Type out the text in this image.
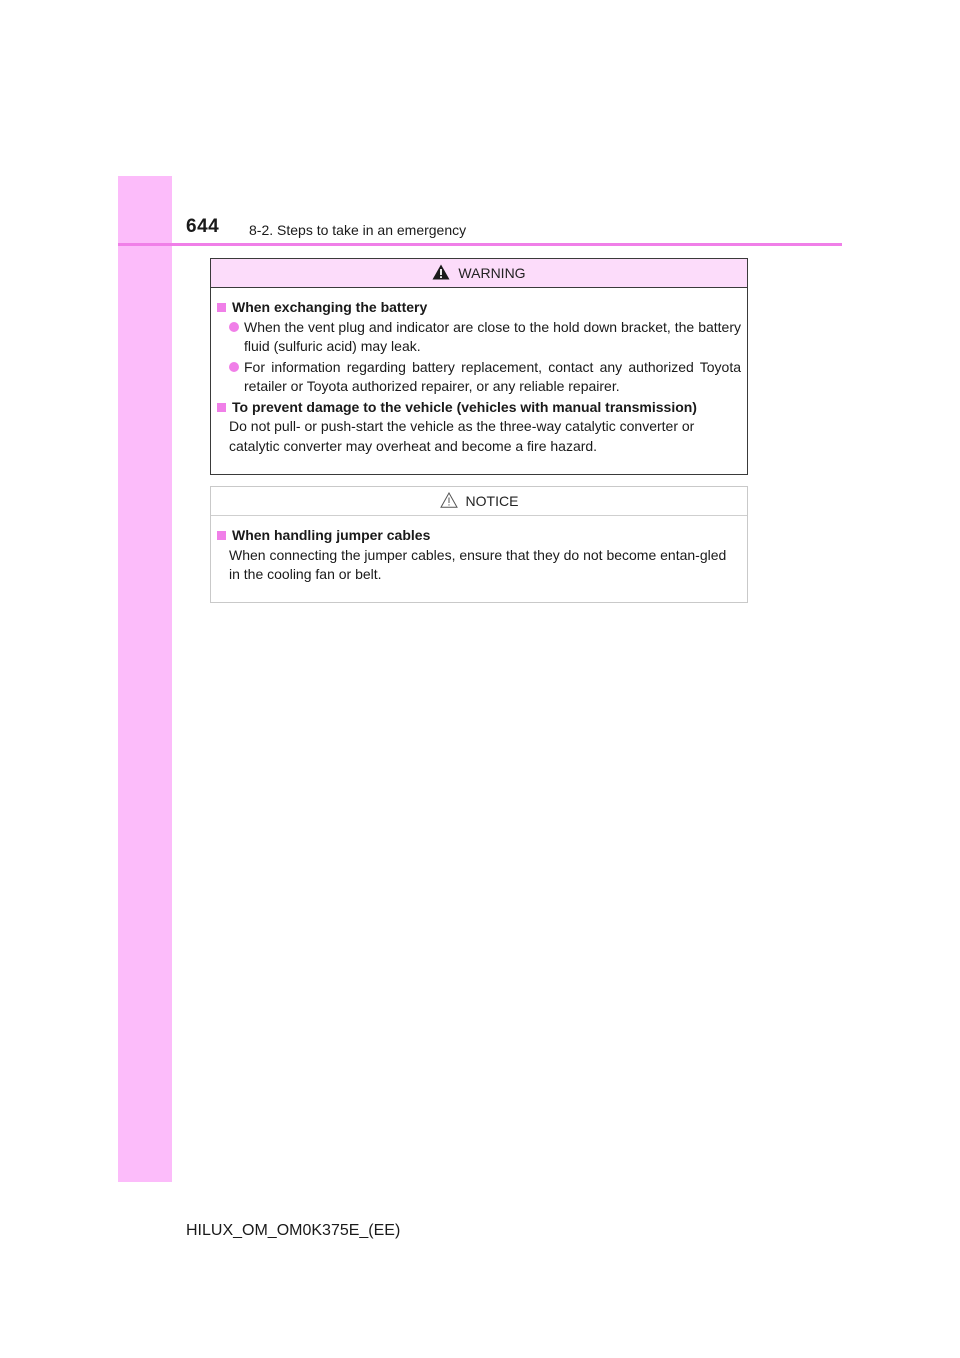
644 8-2. Steps to take in an emergency
WARNING
When exchanging the battery
When the vent plug and indicator are close to the hold down bracket, the battery fluid (sulfuric acid) may leak.
For information regarding battery replacement, contact any authorized Toyota retailer or Toyota authorized repairer, or any reliable repairer.
To prevent damage to the vehicle (vehicles with manual transmission)
Do not pull- or push-start the vehicle as the three-way catalytic converter or catalytic converter may overheat and become a fire hazard.
NOTICE
When handling jumper cables
When connecting the jumper cables, ensure that they do not become entan-gled in the cooling fan or belt.
HILUX_OM_OM0K375E_(EE)
